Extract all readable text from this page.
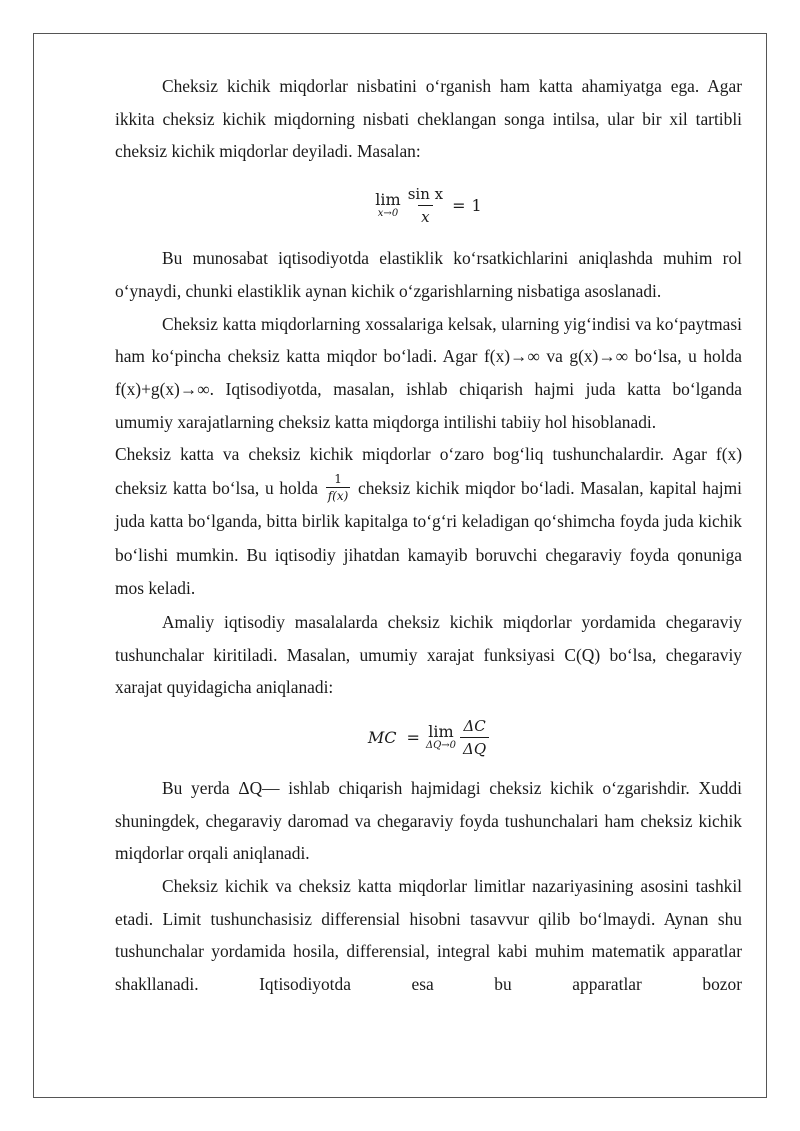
Cheksiz kichik miqdorlar nisbatini o‘rganish ham katta ahamiyatga ega. Agar ikkita cheksiz kichik miqdorning nisbati cheklangan songa intilsa, ular bir xil tartibli cheksiz kichik miqdorlar deyiladi. Masalan:

lim
$x\to 0 \frac{\text{sin x}}{x} = 1$

Bu munosabat iqtisodiyotda elastiklik ko‘rsatkichlarini aniqlashda muhim rol o‘ynaydi, chunki elastiklik aynan kichik o‘zgarishlarning nisbatiga asoslanadi.

Cheksiz katta miqdorlarning xossalariga kelsak, ularning yig‘indisi va ko‘paytmasi ham ko‘pincha cheksiz katta miqdor bo‘ladi. Agar f(x)→∞ va g(x)→∞ bo‘lsa, u holda f(x)+g(x)→∞. Iqtisodiyotda, masalan, ishlab chiqarish hajmi juda katta bo‘lganda umumiy xarajatlarning cheksiz katta miqdorga intilishi tabiiy hol hisoblanadi.

Cheksiz katta va cheksiz kichik miqdorlar o‘zaro bog‘liq tushunchalardir. Agar f(x) cheksiz katta bo‘lsa, u holda $\frac{1}{f(x)}$ cheksiz kichik miqdor bo‘ladi. Masalan, kapital hajmi juda katta bo‘lganda, bitta birlik kapitalga to‘g‘ri keladigan qo‘shimcha foyda juda kichik bo‘lishi mumkin. Bu iqtisodiy jihatdan kamayib boruvchi chegaraviy foyda qonuniga mos keladi.

Amaliy iqtisodiy masalalarda cheksiz kichik miqdorlar yordamida chegaraviy tushunchalar kiritiladi. Masalan, umumiy xarajat funksiyasi C(Q) bo‘lsa, chegaraviy xarajat quyidagicha aniqlanadi:

MC = lim
$\Delta Q\to 0 \frac{\Delta C}{\Delta Q}$

Bu yerda ΔQ— ishlab chiqarish hajmidagi cheksiz kichik o‘zgarishdir. Xuddi shuningdek, chegaraviy daromad va chegaraviy foyda tushunchalari ham cheksiz kichik miqdorlar orqali aniqlanadi.

Cheksiz kichik va cheksiz katta miqdorlar limitlar nazariyasining asosini tashkil etadi. Limit tushunchasisiz differensial hisobni tasavvur qilib bo‘lmaydi. Aynan shu tushunchalar yordamida hosila, differensial, integral kabi muhim matematik apparatlar shakllanadi. Iqtisodiyotda esa bu apparatlar bozor
